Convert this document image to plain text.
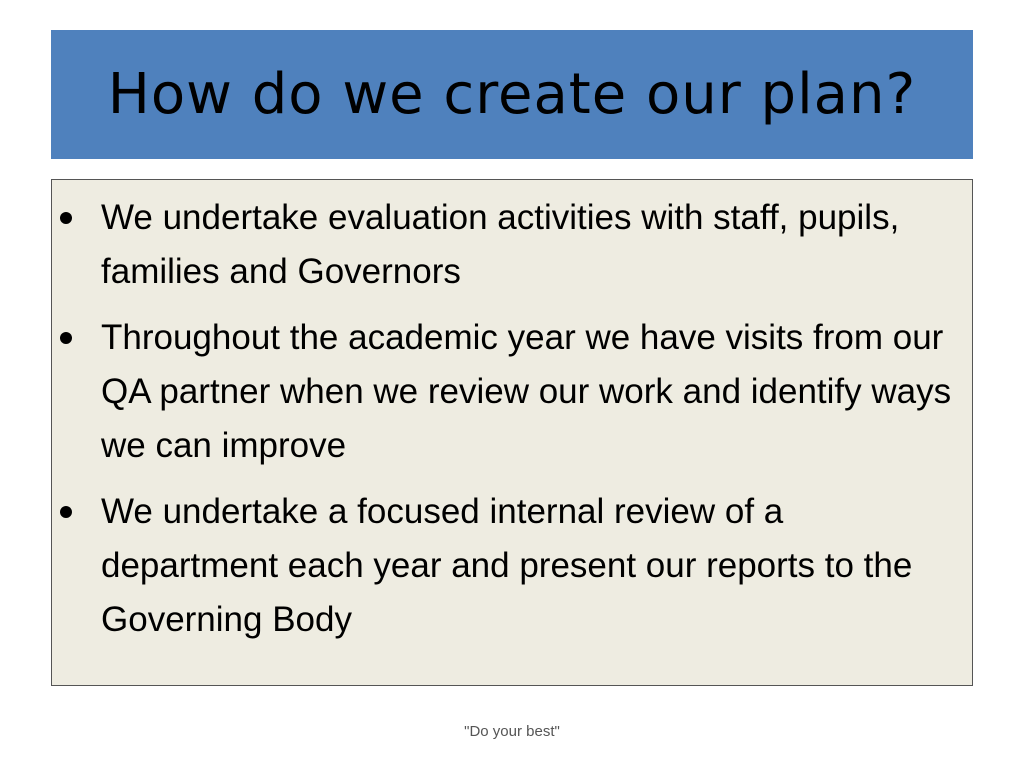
How do we create our plan?
We undertake evaluation activities with staff, pupils, families and Governors
Throughout the academic year we have visits from our QA partner when we review our work and identify ways we can improve
We undertake a focused internal review of a department each year and present our reports to the Governing Body
"Do your best"
